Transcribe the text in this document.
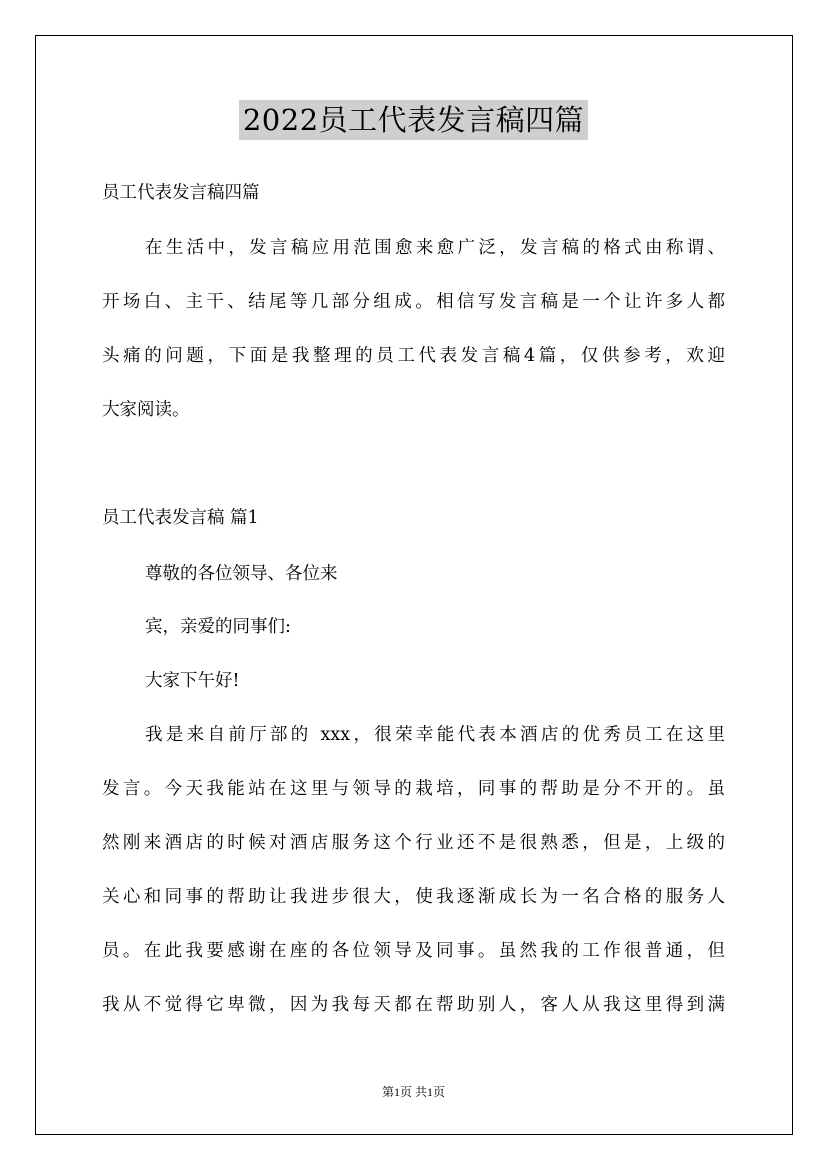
2022员工代表发言稿四篇
员工代表发言稿四篇
在生活中，发言稿应用范围愈来愈广泛，发言稿的格式由称谓、
开场白、主干、结尾等几部分组成。相信写发言稿是一个让许多人都
头痛的问题，下面是我整理的员工代表发言稿4篇，仅供参考，欢迎
大家阅读。
员工代表发言稿 篇1
尊敬的各位领导、各位来
宾，亲爱的同事们:
大家下午好!
我是来自前厅部的 xxx，很荣幸能代表本酒店的优秀员工在这里
发言。今天我能站在这里与领导的栽培，同事的帮助是分不开的。虽
然刚来酒店的时候对酒店服务这个行业还不是很熟悉，但是，上级的
关心和同事的帮助让我进步很大，使我逐渐成长为一名合格的服务人
员。在此我要感谢在座的各位领导及同事。虽然我的工作很普通，但
我从不觉得它卑微，因为我每天都在帮助别人，客人从我这里得到满
第1页 共1页
